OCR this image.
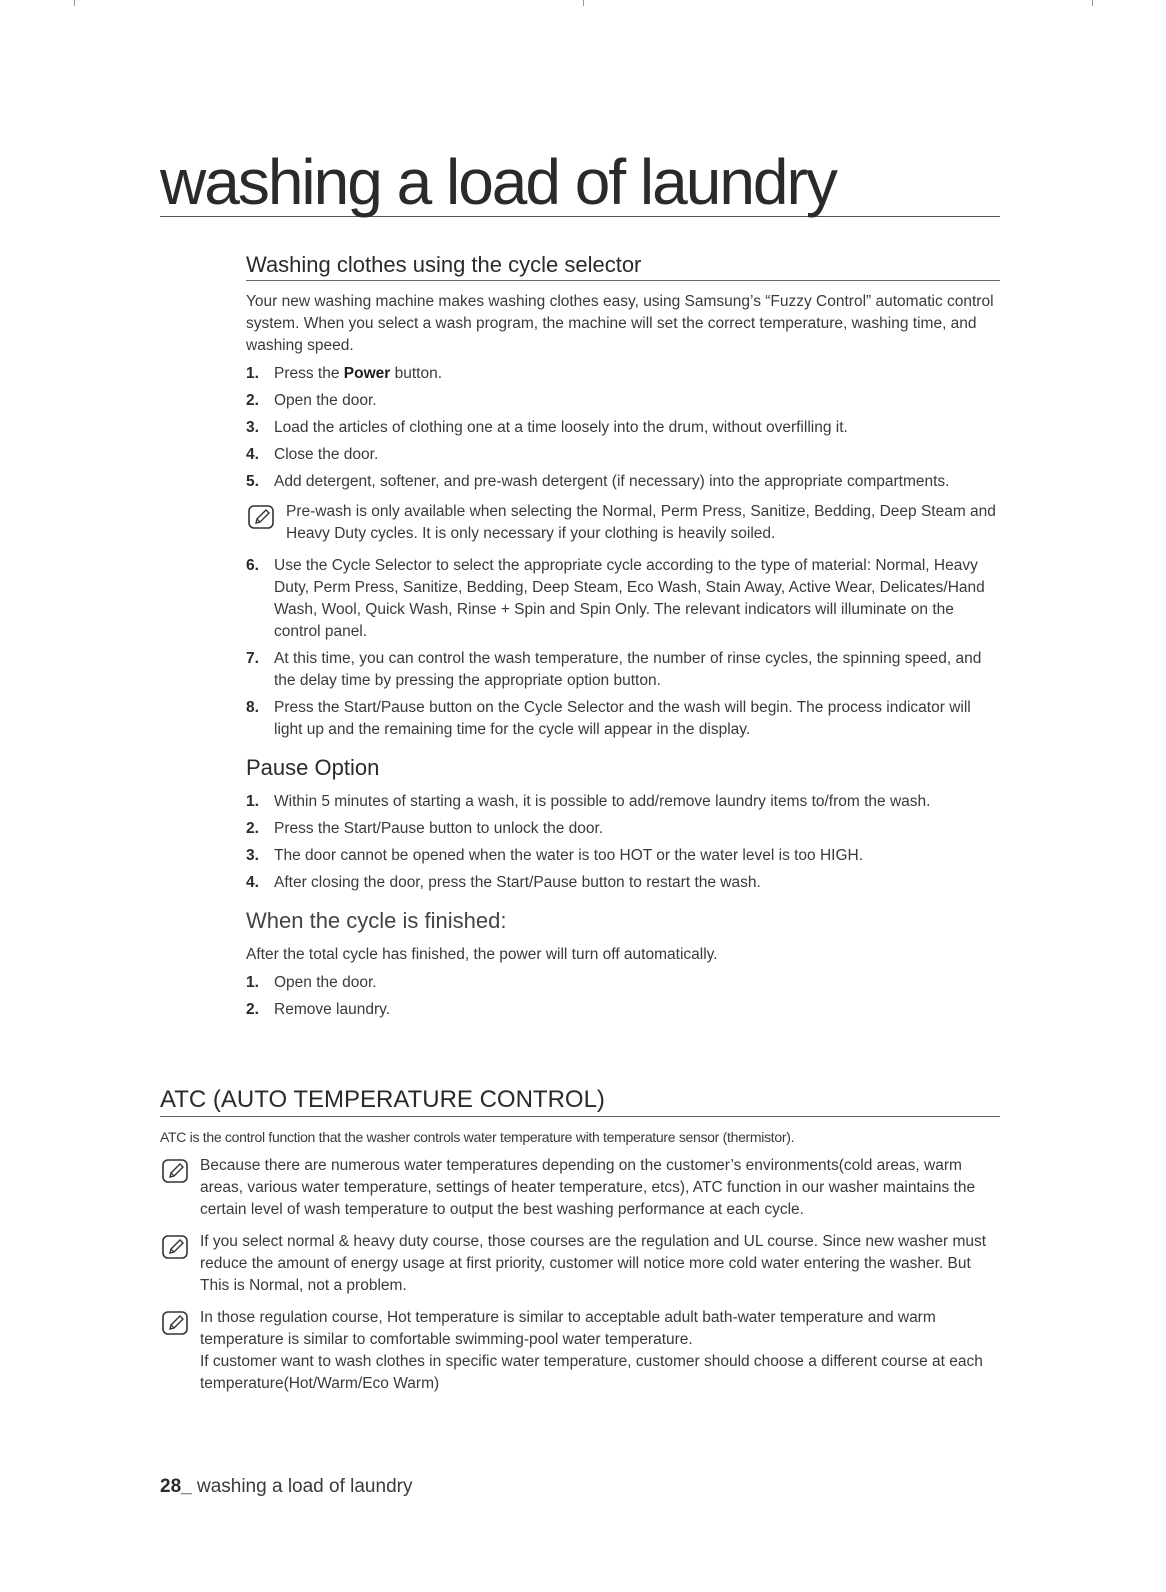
washing a load of laundry
Washing clothes using the cycle selector

Your new washing machine makes washing clothes easy, using Samsung’s “Fuzzy Control” automatic control system. When you select a wash program, the machine will set the correct temperature, washing time, and washing speed.

1. Press the Power button.
2. Open the door.
3. Load the articles of clothing one at a time loosely into the drum, without overfilling it.
4. Close the door.
5. Add detergent, softener, and pre-wash detergent (if necessary) into the appropriate compartments.
Pre-wash is only available when selecting the Normal, Perm Press, Sanitize, Bedding, Deep Steam and Heavy Duty cycles. It is only necessary if your clothing is heavily soiled.
6. Use the Cycle Selector to select the appropriate cycle according to the type of material: Normal, Heavy Duty, Perm Press, Sanitize, Bedding, Deep Steam, Eco Wash, Stain Away, Active Wear, Delicates/Hand Wash, Wool, Quick Wash, Rinse + Spin and Spin Only. The relevant indicators will illuminate on the control panel.
7. At this time, you can control the wash temperature, the number of rinse cycles, the spinning speed, and the delay time by pressing the appropriate option button.
8. Press the Start/Pause button on the Cycle Selector and the wash will begin. The process indicator will light up and the remaining time for the cycle will appear in the display.
Pause Option
1. Within 5 minutes of starting a wash, it is possible to add/remove laundry items to/from the wash.
2. Press the Start/Pause button to unlock the door.
3. The door cannot be opened when the water is too HOT or the water level is too HIGH.
4. After closing the door, press the Start/Pause button to restart the wash.
When the cycle is finished:

After the total cycle has finished, the power will turn off automatically.

1. Open the door.
2. Remove laundry.
ATC (AUTO TEMPERATURE CONTROL)

ATC is the control function that the washer controls water temperature with temperature sensor (thermistor).

Because there are numerous water temperatures depending on the customer’s environments(cold areas, warm areas, various water temperature, settings of heater temperature, etcs), ATC function in our washer maintains the certain level of wash temperature to output the best washing performance at each cycle.
If you select normal & heavy duty course, those courses are the regulation and UL course. Since new washer must reduce the amount of energy usage at first priority, customer will notice more cold water entering the washer. But This is Normal, not a problem.
In those regulation course, Hot temperature is similar to acceptable adult bath-water temperature and warm temperature is similar to comfortable swimming-pool water temperature.
If customer want to wash clothes in specific water temperature, customer should choose a different course at each temperature(Hot/Warm/Eco Warm)
28_ washing a load of laundry
